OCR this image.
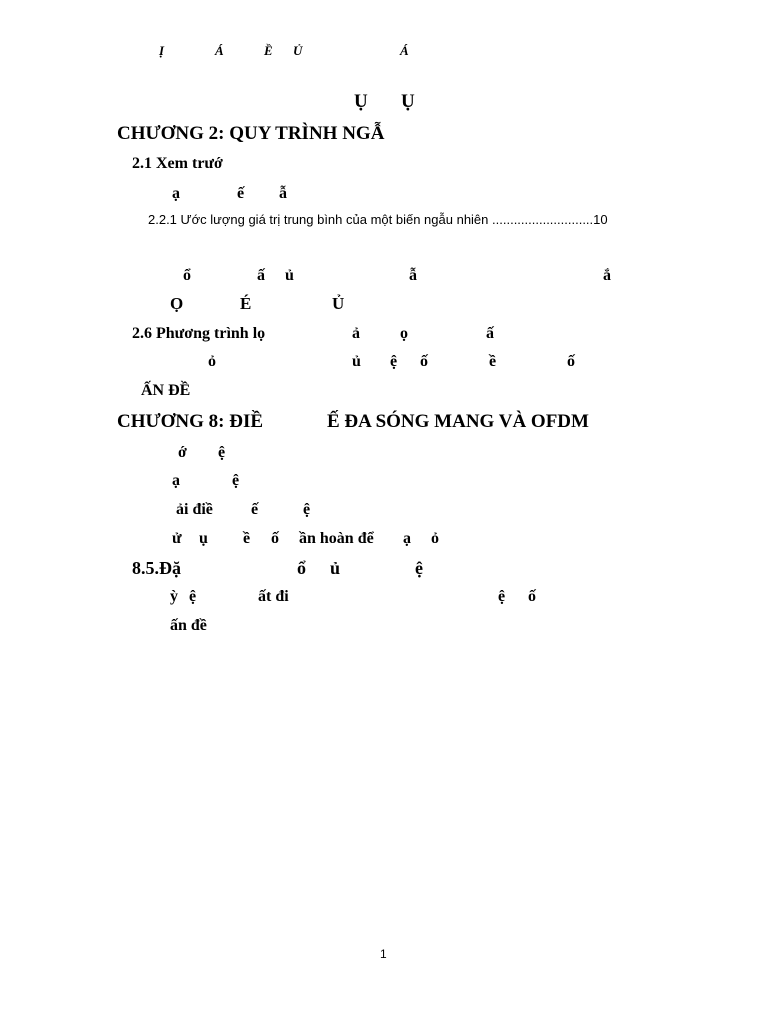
Ị	Á	Ề Ủ	Á
Ụ Ụ
CHƯƠNG 2: QUY TRÌNH NGẪ
2.1 Xem trướ
ạ	ế ẫ
2.2.1 Ước lượng giá trị trung bình của một biến ngẫu nhiên ............................10
ổ	ấ ủ	ẫ	ắ
Ọ	É	Ủ
2.6 Phương trình lọ	ả	ọ	ấ
ỏ	ủ ệ ố	ề	ố
ẤN ĐỀ
CHƯƠNG 8: ĐIỀ	Ế ĐA SÓNG MANG VÀ OFDM
ớ ệ
ạ	ệ
ải điề ế	ệ
ử ụ ề ố ần hoàn để ạ ỏ
8.5.Đặ	ổ ủ	ệ
ỳ ệ	ất đi	ệ ố
ấn đề
1
